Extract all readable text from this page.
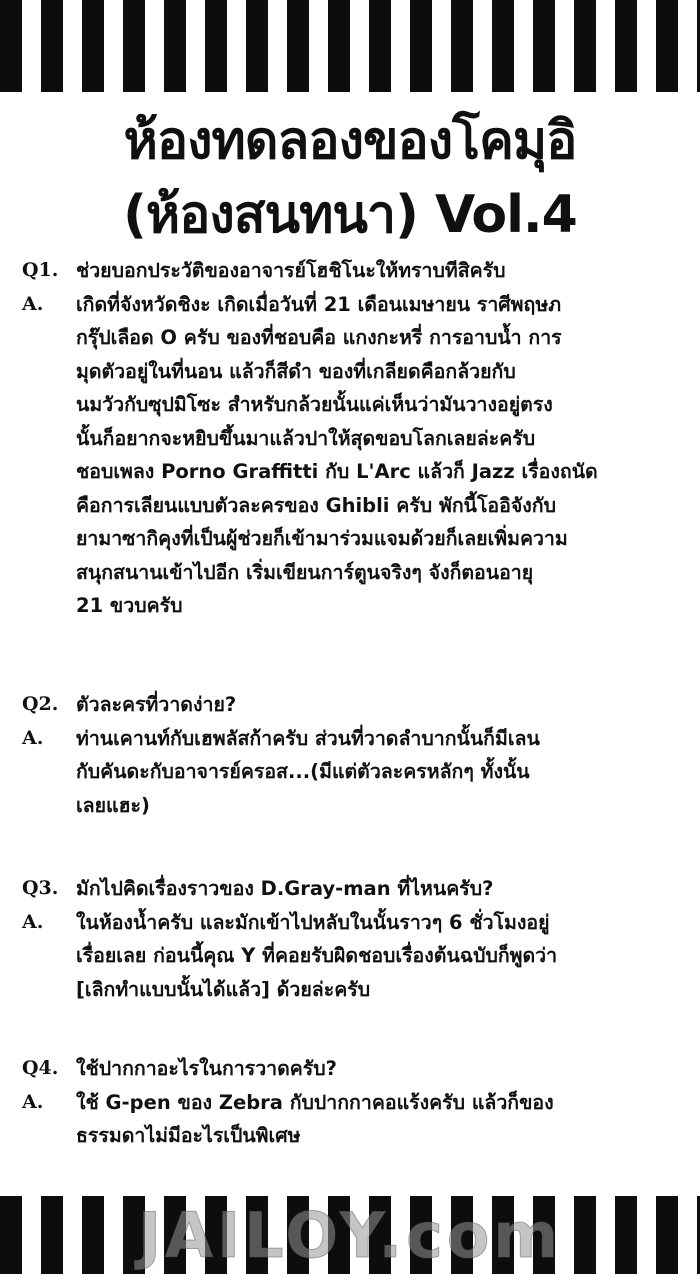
ห้องทดลองของโคมุอิ
(ห้องสนทนา) Vol.4
Q1. ช่วยบอกประวัติของอาจารย์โฮชิโนะให้ทราบทีสิครับ
A. เกิดที่จังหวัดชิงะ เกิดเมื่อวันที่ 21 เดือนเมษายน ราศีพฤษภ
กรุ๊ปเลือด O ครับ ของที่ชอบคือ แกงกะหรี่ การอาบน้ำ การ
มุดตัวอยู่ในที่นอน แล้วก็สีดำ ของที่เกลียดคือกล้วยกับ
นมวัวกับซุปมิโซะ สำหรับกล้วยนั้นแค่เห็นว่ามันวางอยู่ตรง
นั้นก็อยากจะหยิบขึ้นมาแล้วปาให้สุดขอบโลกเลยล่ะครับ
ชอบเพลง Porno Graffitti กับ L'Arc แล้วก็ Jazz เรื่องถนัด
คือการเลียนแบบตัวละครของ Ghibli ครับ พักนี้โออิจังกับ
ยามาซากิคุงที่เป็นผู้ช่วยก็เข้ามาร่วมแจมด้วยก็เลยเพิ่มความ
สนุกสนานเข้าไปอีก เริ่มเขียนการ์ตูนจริงๆ จังก็ตอนอายุ
21 ขวบครับ
Q2. ตัวละครที่วาดง่าย?
A. ท่านเคานท์กับเฮพลัสก้าครับ ส่วนที่วาดลำบากนั้นก็มีเลน
กับคันดะกับอาจารย์ครอส...(มีแต่ตัวละครหลักๆ ทั้งนั้น
เลยแฮะ)
Q3. มักไปคิดเรื่องราวของ D.Gray-man ที่ไหนครับ?
A. ในห้องน้ำครับ และมักเข้าไปหลับในนั้นราวๆ 6 ชั่วโมงอยู่
เรื่อยเลย ก่อนนี้คุณ Y ที่คอยรับผิดชอบเรื่องต้นฉบับก็พูดว่า
[เลิกทำแบบนั้นได้แล้ว] ด้วยล่ะครับ
Q4. ใช้ปากกาอะไรในการวาดครับ?
A. ใช้ G-pen ของ Zebra กับปากกาคอแร้งครับ แล้วก็ของ
ธรรมดาไม่มีอะไรเป็นพิเศษ
JAILOY.com
